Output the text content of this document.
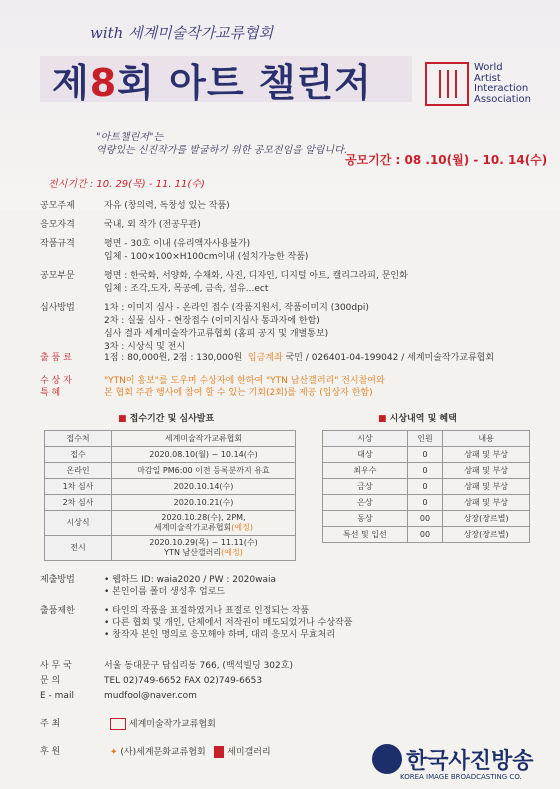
with 세계미술작가교류협회
제8회 아트 챌린저	World
Artist
Interaction
Association
"아트챌린저"는
역량있는 신진작가를 발굴하기 위한 공모전임을 알립니다.
공모기간 : 08 .10(월) - 10. 14(수)
전시기간 : 10. 29(목) - 11. 11(수)
공모주제	자유 (창의력, 독창성 있는 작품)
응모자격	국내, 외 작가 (전공무관)
작품규격	평면 - 30호 이내 (유리액자사용불가)
입체 - 100×100×H100cm이내 (설치가능한 작품)
공모부문	평면 : 한국화, 서양화, 수채화, 사진, 디자인, 디지털 아트, 캘리그라피, 문인화
입체 : 조각,도자, 목공예, 금속, 섬유...ect
심사방법	1차 : 이미지 심사 - 온라인 접수 (작품지원서, 작품이미지 (300dpi)
2차 : 실물 심사 - 현장접수 (이미지심사 통과자에 한함)
심사 결과 세계미술작가교류협회 (홈피 공지 및 개별통보)
3차 : 시상식 및 전시
출 품 료	1점 : 80,000원, 2점 : 130,000원 입금계좌 국민 / 026401-04-199042 / 세계미술작가교류협회
수 상 자	"YTN이 홍보"를 도우며 수상자에 한하여 "YTN 남산갤러리" 전시참여와
특 혜	본 협회 주관 행사에 참여 할 수 있는 기회(2회)를 제공 (입상자 한함)
■ 접수기간 및 심사발표
접수처	세계미술작가교류협회
접수	2020.08.10(월) ~ 10.14(수)
온라인	마감일 PM6:00 이전 등록분까지 유효
1차 심사	2020.10.14(수)
2차 심사	2020.10.21(수)
시상식	2020.10.28(수), 2PM,
세계미술작가교류협회(예정)
전시	2020.10.29(목) ~ 11.11(수)
YTN 남산갤러리(예정)
■ 시상내역 및 혜택
시상	인원	내용
대상	0	상패 및 부상
최우수	0	상패 및 부상
금상	0	상패 및 부상
은상	0	상패 및 부상
동상	00	상장(장르별)
특선 및 입선	00	상장(장르별)
제출방법	• 웹하드 ID: waia2020 / PW : 2020waia
• 본인이름 폴더 생성후 업로드
출품제한	• 타인의 작품을 표절하였거나 표절로 인정되는 작품
• 다른 협회 및 개인, 단체에서 저작권이 매도되었거나 수상작품
• 창작자 본인 명의로 응모해야 하며, 대리 응모시 무효처리
사 무 국	서울 동대문구 답십리동 766, (백석빌딩 302호)
문 의	TEL 02)749-6652 FAX 02)749-6653
E - mail	mudfool@naver.com
주 최	세계미술작가교류협회
후 원	✦ (사)세계문화교류협회 세미갤러리	한국사진방송
KOREA IMAGE BROADCASTING CO.
